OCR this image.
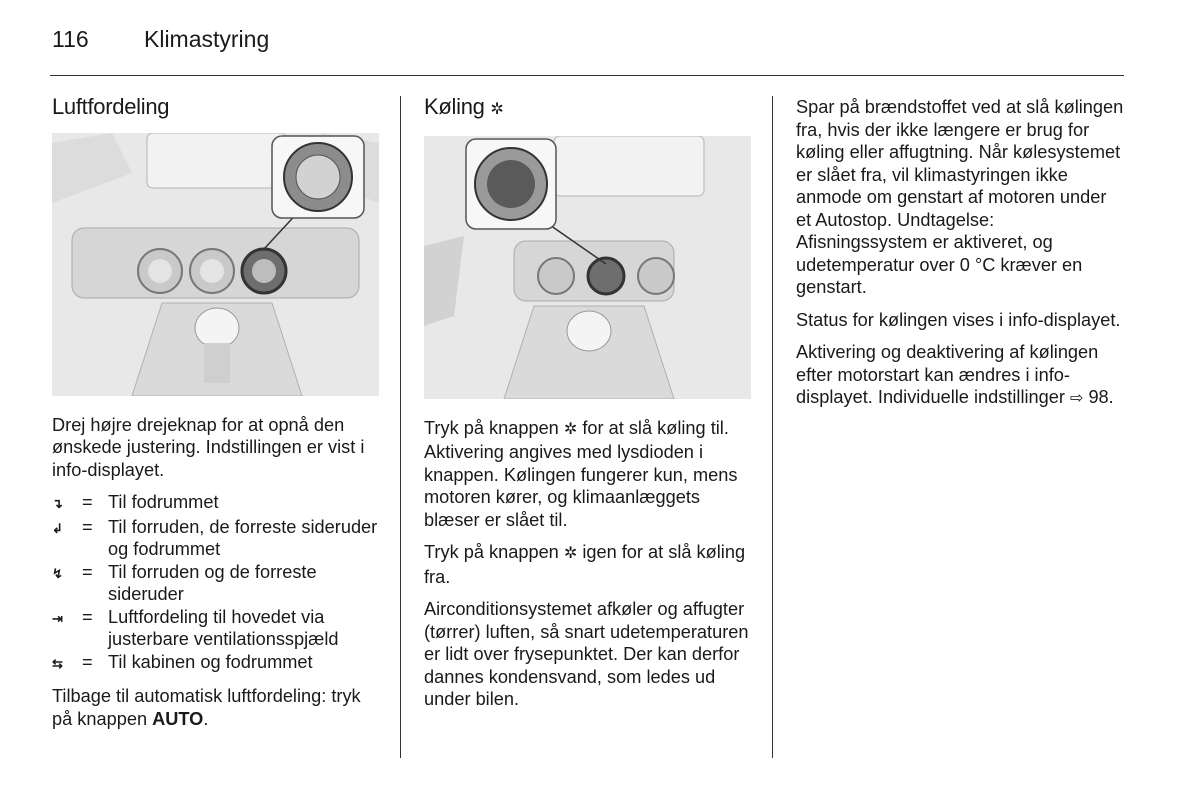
116 Klimastyring
Luftfordeling

Drej højre drejeknap for at opnå den ønskede justering. Indstillingen er vist i info-displayet.

↴	= Til fodrummet
↲	= Til forruden, de forreste sideruder og fodrummet
↯	= Til forruden og de forreste sideruder
⇥	= Luftfordeling til hovedet via justerbare ventilationsspjæld
⇆	= Til kabinen og fodrummet

Tilbage til automatisk luftfordeling: tryk på knappen AUTO.

Køling ✲

Tryk på knappen ✲ for at slå køling til. Aktivering angives med lysdioden i knappen. Kølingen fungerer kun, mens motoren kører, og klimaanlæggets blæser er slået til.

Tryk på knappen ✲ igen for at slå køling fra.

Airconditionsystemet afkøler og affugter (tørrer) luften, så snart udetemperaturen er lidt over frysepunktet. Der kan derfor dannes kondensvand, som ledes ud under bilen.

Spar på brændstoffet ved at slå kølingen fra, hvis der ikke længere er brug for køling eller affugtning. Når kølesystemet er slået fra, vil klimastyringen ikke anmode om genstart af motoren under et Autostop. Undtagelse: Afisningssystem er aktiveret, og udetemperatur over 0 °C kræver en genstart.

Status for kølingen vises i info-displayet.

Aktivering og deaktivering af kølingen efter motorstart kan ændres i info-displayet. Individuelle indstillinger ⇨ 98.
